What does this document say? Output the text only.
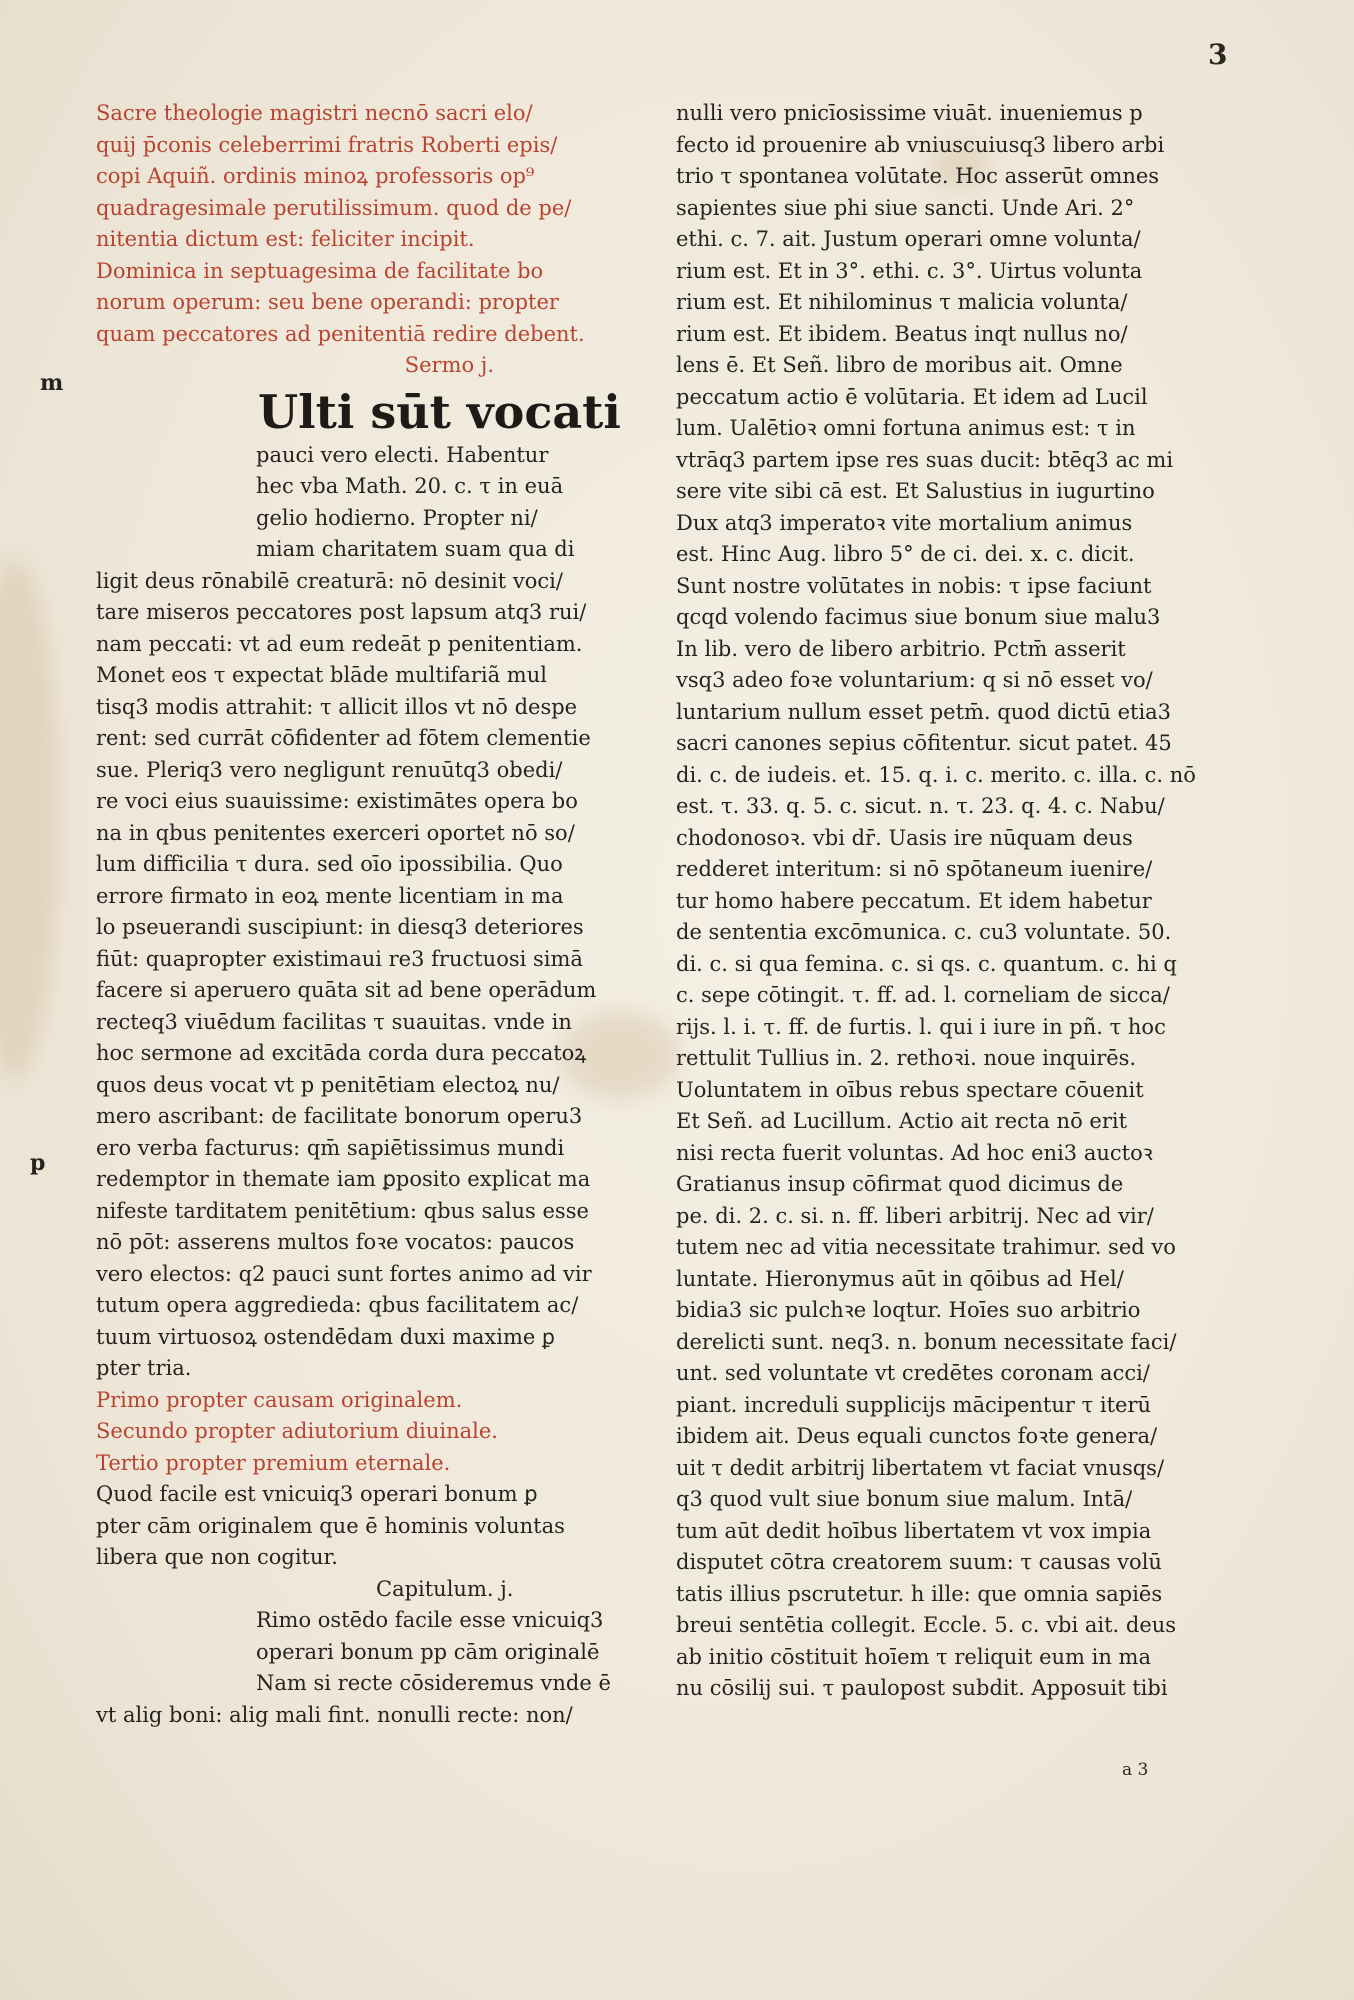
3

m
p

Sacre theologie magistri necnō sacri elo/

quij p̄conis celeberrimi fratris Roberti epis/

copi Aquiñ. ordinis minoꝝ professoris op⁹

quadragesimale perutilissimum. quod de pe/

nitentia dictum est: feliciter incipit.

Dominica in septuagesima de facilitate bo

norum operum: seu bene operandi: propter

quam peccatores ad penitentiā redire debent.

Sermo j.

Ulti sūt vocati

pauci vero electi. Habentur

hec vba Math. 20. c. τ in euā

gelio hodierno. Propter ni/

miam charitatem suam qua di

ligit deus rōnabilē creaturā: nō desinit voci/

tare miseros peccatores post lapsum atq3 rui/

nam peccati: vt ad eum redeāt p penitentiam.

Monet eos τ expectat blāde multifariã mul

tisq3 modis attrahit: τ allicit illos vt nō despe

rent: sed currāt cōfidenter ad fōtem clementie

sue. Pleriq3 vero negligunt renuūtq3 obedi/

re voci eius suauissime: existimātes opera bo

na in qbus penitentes exerceri oportet nō so/

lum difficilia τ dura. sed oīo ipossibilia. Quo

errore firmato in eoꝝ mente licentiam in ma

lo pseuerandi suscipiunt: in diesq3 deteriores

fiūt: quapropter existimaui re3 fructuosi simā

facere si aperuero quāta sit ad bene operādum

recteq3 viuēdum facilitas τ suauitas. vnde in

hoc sermone ad excitāda corda dura peccatoꝝ

quos deus vocat vt p penitētiam electoꝝ nu/

mero ascribant: de facilitate bonorum operu3

ero verba facturus: qm̄ sapiētissimus mundi

redemptor in themate iam ꝑposito explicat ma

nifeste tarditatem penitētium: qbus salus esse

nō pōt: asserens multos foꝛe vocatos: paucos

vero electos: q2 pauci sunt fortes animo ad vir

tutum opera aggredieda: qbus facilitatem ac/

tuum virtuosoꝝ ostendēdam duxi maxime ꝑ

pter tria.

Primo propter causam originalem.

Secundo propter adiutorium diuinale.

Tertio propter premium eternale.

Quod facile est vnicuiq3 operari bonum ꝑ

pter cām originalem que ē hominis voluntas

libera que non cogitur.

Capitulum. j.

Rimo ostēdo facile esse vnicuiq3

operari bonum pp cām originalē

Nam si recte cōsideremus vnde ē

vt alig boni: alig mali fint. nonulli recte: non/

nulli vero pnicīosissime viuāt. inueniemus p

fecto id prouenire ab vniuscuiusq3 libero arbi

trio τ spontanea volūtate. Hoc asserūt omnes

sapientes siue phi siue sancti. Unde Ari. 2°

ethi. c. 7. ait. Justum operari omne volunta/

rium est. Et in 3°. ethi. c. 3°. Uirtus volunta

rium est. Et nihilominus τ malicia volunta/

rium est. Et ibidem. Beatus inqt nullus no/

lens ē. Et Señ. libro de moribus ait. Omne

peccatum actio ē volūtaria. Et idem ad Lucil

lum. Ualētioꝛ omni fortuna animus est: τ in

vtrāq3 partem ipse res suas ducit: btēq3 ac mi

sere vite sibi cā est. Et Salustius in iugurtino

Dux atq3 imperatoꝛ vite mortalium animus

est. Hinc Aug. libro 5° de ci. dei. x. c. dicit.

Sunt nostre volūtates in nobis: τ ipse faciunt

qcqd volendo facimus siue bonum siue malu3

In lib. vero de libero arbitrio. Pctm̄ asserit

vsq3 adeo foꝛe voluntarium: q si nō esset vo/

luntarium nullum esset petm̄. quod dictū etia3

sacri canones sepius cōfitentur. sicut patet. 45

di. c. de iudeis. et. 15. q. i. c. merito. c. illa. c. nō

est. τ. 33. q. 5. c. sicut. n. τ. 23. q. 4. c. Nabu/

chodonosoꝛ. vbi dr̄. Uasis ire nūquam deus

redderet interitum: si nō spōtaneum iuenire/

tur homo habere peccatum. Et idem habetur

de sententia excōmunica. c. cu3 voluntate. 50.

di. c. si qua femina. c. si qs. c. quantum. c. hi q

c. sepe cōtingit. τ. ff. ad. l. corneliam de sicca/

rijs. l. i. τ. ff. de furtis. l. qui i iure in pñ. τ hoc

rettulit Tullius in. 2. rethoꝛi. noue inquirēs.

Uoluntatem in oībus rebus spectare cōuenit

Et Señ. ad Lucillum. Actio ait recta nō erit

nisi recta fuerit voluntas. Ad hoc eni3 auctoꝛ

Gratianus insup cōfirmat quod dicimus de

pe. di. 2. c. si. n. ff. liberi arbitrij. Nec ad vir/

tutem nec ad vitia necessitate trahimur. sed vo

luntate. Hieronymus aūt in qōibus ad Hel/

bidia3 sic pulchꝛe loqtur. Hoīes suo arbitrio

derelicti sunt. neq3. n. bonum necessitate faci/

unt. sed voluntate vt credētes coronam acci/

piant. increduli supplicijs mācipentur τ iterū

ibidem ait. Deus equali cunctos foꝛte genera/

uit τ dedit arbitrij libertatem vt faciat vnusqs/

q3 quod vult siue bonum siue malum. Intā/

tum aūt dedit hoībus libertatem vt vox impia

disputet cōtra creatorem suum: τ causas volū

tatis illius pscrutetur. h ille: que omnia sapiēs

breui sentētia collegit. Eccle. 5. c. vbi ait. deus

ab initio cōstituit hoīem τ reliquit eum in ma

nu cōsilij sui. τ paulopost subdit. Apposuit tibi

a 3
